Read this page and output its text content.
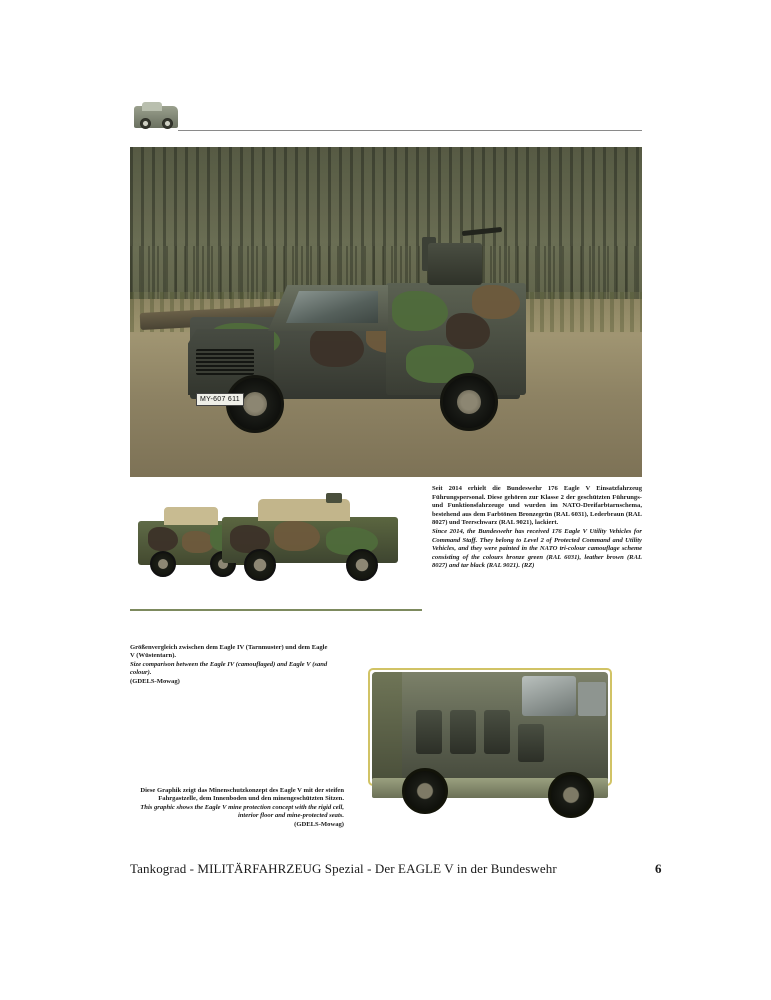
MY-607 611

Seit 2014 erhielt die Bundeswehr 176 Eagle V Einsatzfahrzeug Führungspersonal. Diese gehören zur Klasse 2 der geschützten Führungs- und Funktionsfahrzeuge und wurden im NATO-Dreifarbtarnschema, bestehend aus dem Farbtönen Bronzegrün (RAL 6031), Lederbraun (RAL 8027) und Teerschwarz (RAL 9021), lackiert.

Since 2014, the Bundeswehr has received 176 Eagle V Utility Vehicles for Command Staff. They belong to Level 2 of Protected Command and Utility Vehicles, and they were painted in the NATO tri-colour camouflage scheme consisting of the colours bronze green (RAL 6031), leather brown (RAL 8027) and tar black (RAL 9021). (RZ)

Größenvergleich zwischen dem Eagle IV (Tarnmuster) und dem Eagle V (Wüstentarn).

Size comparison between the Eagle IV (camouflaged) and Eagle V (sand colour).

(GDELS-Mowag)

Diese Graphik zeigt das Minenschutzkonzept des Eagle V mit der steifen Fahrgastzelle, dem Innenboden und den minengeschützten Sitzen.

This graphic shows the Eagle V mine protection concept with the rigid cell, interior floor and mine-protected seats.

(GDELS-Mowag)

Tankograd - MILITÄRFAHRZEUG Spezial - Der EAGLE V in der Bundeswehr	6
